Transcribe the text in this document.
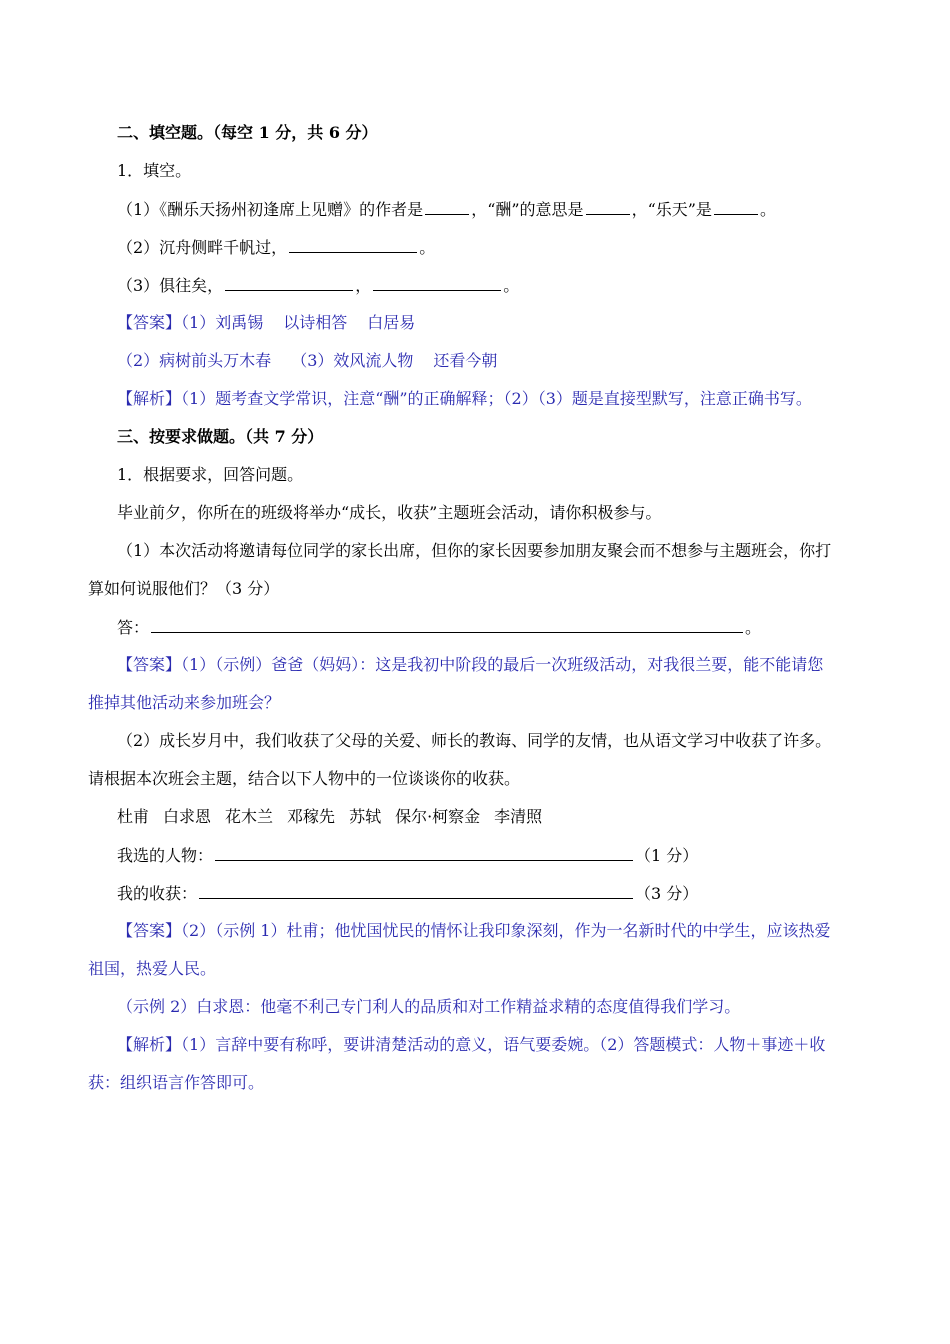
二、填空题。（每空 1 分，共 6 分）
1．填空。
（1）《酬乐天扬州初逢席上见赠》的作者是	，“酬”的意思是	，“乐天”是	。
（2）沉舟侧畔千帆过，	。
（3）俱往矣，	，	。
【答案】（1）刘禹锡 以诗相答 白居易
（2）病树前头万木春 （3）效风流人物 还看今朝
【解析】（1）题考查文学常识，注意“酬”的正确解释；（2）（3）题是直接型默写，注意正确书写。
三、按要求做题。（共 7 分）
1．根据要求，回答问题。
毕业前夕，你所在的班级将举办“成长，收获”主题班会活动，请你积极参与。
（1）本次活动将邀请每位同学的家长出席，但你的家长因要参加朋友聚会而不想参与主题班会，你打
算如何说服他们？（3 分）
答：	。
【答案】（1）（示例）爸爸（妈妈）：这是我初中阶段的最后一次班级活动，对我很兰要，能不能请您
推掉其他活动来参加班会？
（2）成长岁月中，我们收获了父母的关爱、师长的教诲、同学的友情，也从语文学习中收获了许多。
请根据本次班会主题，结合以下人物中的一位谈谈你的收获。
杜甫 白求恩 花木兰 邓稼先 苏轼 保尔·柯察金 李清照
我选的人物：	（1 分）
我的收获：	（3 分）
【答案】（2）（示例 1）杜甫；他忧国忧民的情怀让我印象深刻，作为一名新时代的中学生，应该热爱
祖国，热爱人民。
（示例 2）白求恩：他毫不利己专门利人的品质和对工作精益求精的态度值得我们学习。
【解析】（1）言辞中要有称呼，要讲清楚活动的意义，语气要委婉。（2）答题模式：人物＋事迹＋收
获：组织语言作答即可。
